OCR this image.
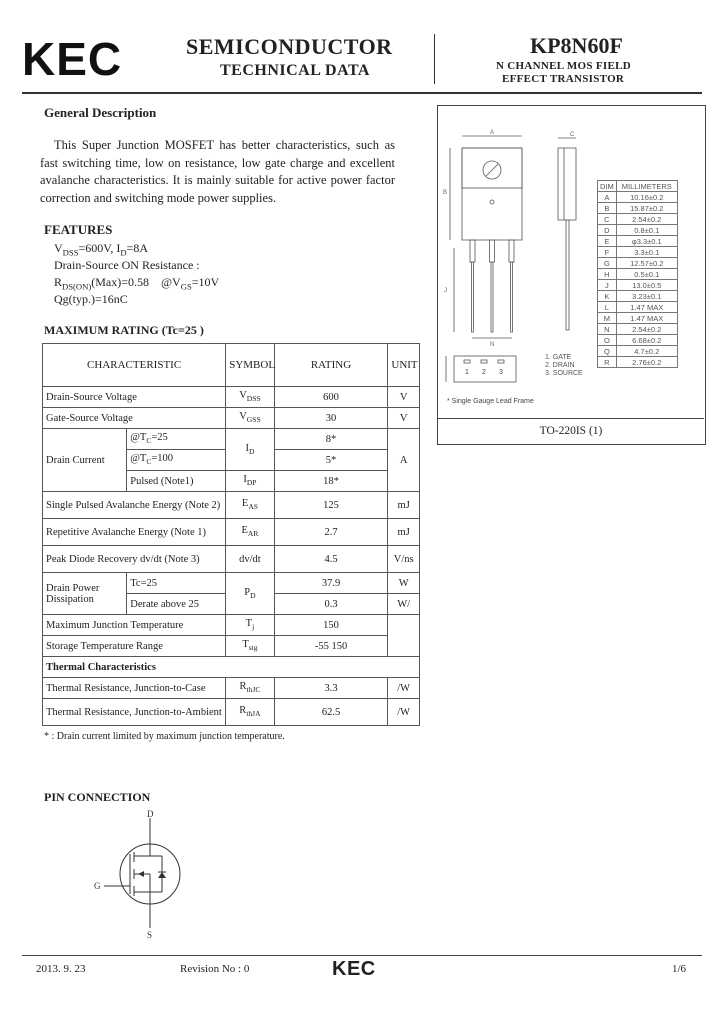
KEC	SEMICONDUCTOR
TECHNICAL DATA
KP8N60F
N CHANNEL MOS FIELD
EFFECT TRANSISTOR
General Description
This Super Junction MOSFET has better characteristics, such as fast switching time, low on resistance, low gate charge and excellent avalanche characteristics. It is mainly suitable for active power factor correction and switching mode power supplies.
FEATURES
$V_{DSS}=600V$, $I_D=8A$
Drain-Source ON Resistance :
$R_{DS(ON)}(Max)=0.58$    $@V_{GS}=10V$
Qg(typ.)=16nC
MAXIMUM RATING (Tc=25 )
CHARACTERISTIC		SYMBOL	RATING	UNIT
Drain-Source Voltage		$V_{DSS}$	600	V
Gate-Source Voltage		$V_{GSS}$	30	V
Drain Current	$@T_C=25$	$I_D$	8*	A
	$@T_C=100$		5*	
	Pulsed (Note1)	$I_{DP}$	18*	
Single Pulsed Avalanche Energy (Note 2)		$E_{AS}$	125	mJ
Repetitive Avalanche Energy (Note 1)		$E_{AR}$	2.7	mJ
Peak Diode Recovery dv/dt (Note 3)		dv/dt	4.5	V/ns
Drain Power Dissipation	Tc=25	$P_D$	37.9	W
	Derate above 25		0.3	W/
Maximum Junction Temperature		$T_j$	150	
Storage Temperature Range		$T_{stg}$	-55 150	
Thermal Characteristics				
Thermal Resistance, Junction-to-Case		$R_{thJC}$	3.3	/W
Thermal Resistance, Junction-to-Ambient		$R_{thJA}$	62.5	/W
* : Drain current limited by maximum junction temperature.
A
B
C
J
N
1 2 3
DIM	MILLIMETERS
A	10.16±0.2
B	15.87±0.2
C	2.54±0.2
D	0.8±0.1
E	φ3.3±0.1
F	3.3±0.1
G	12.57±0.2
H	0.5±0.1
J	13.0±0.5
K	3.23±0.1
L	1.47 MAX
M	1.47 MAX
N	2.54±0.2
O	6.68±0.2
Q	4.7±0.2
R	2.76±0.2
1. GATE
2. DRAIN
3. SOURCE
* Single Gauge Lead Frame
TO-220IS (1)
PIN CONNECTION
D
G
S
2013. 9. 23	Revision No : 0	KEC	1/6
